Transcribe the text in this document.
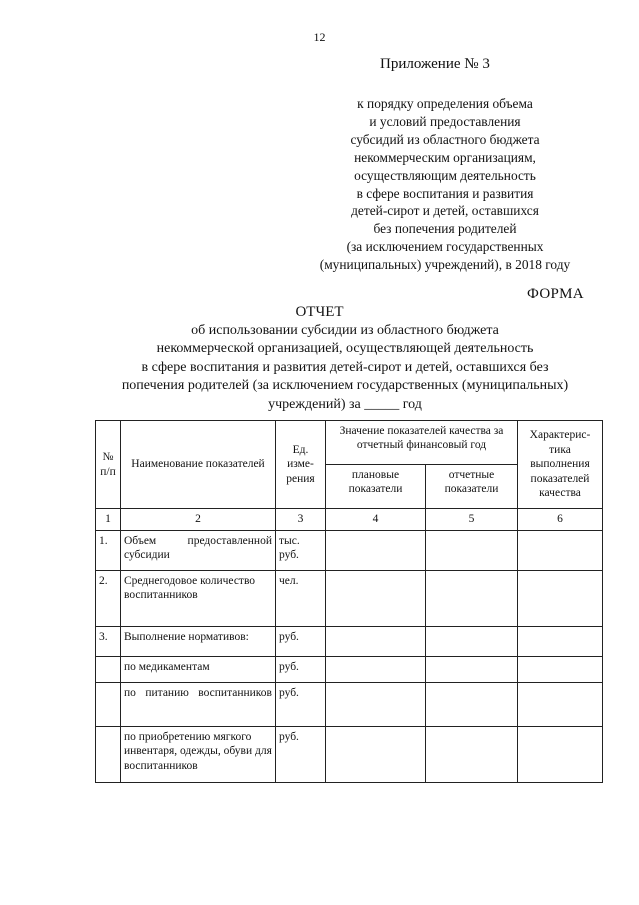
12
Приложение № 3
к порядку определения объема
и условий предоставления
субсидий из областного бюджета
некоммерческим организациям,
осуществляющим деятельность
в сфере воспитания и развития
детей-сирот и детей, оставшихся
без попечения родителей
(за исключением государственных
(муниципальных) учреждений), в 2018 году
ФОРМА
ОТЧЕТ
об использовании субсидии из областного бюджета
некоммерческой организацией, осуществляющей деятельность
в сфере воспитания и развития детей-сирот и детей, оставшихся без
попечения родителей (за исключением государственных (муниципальных)
учреждений) за _____ год
№ п/п	Наименование показателей	Ед. изме- рения	Значение показателей качества за отчетный финансовый год		Характерис- тика выполнения показателей качества
			плановые показатели	отчетные показатели	
1	2	3	4	5	6
1.	Объем предоставленной субсидии	тыс. руб.			
2.	Среднегодовое количество воспитанников	чел.			
3.	Выполнение нормативов:	руб.			
	по медикаментам	руб.			
	по питанию воспитанников	руб.			
	по приобретению мягкого инвентаря, одежды, обуви для воспитанников	руб.			
